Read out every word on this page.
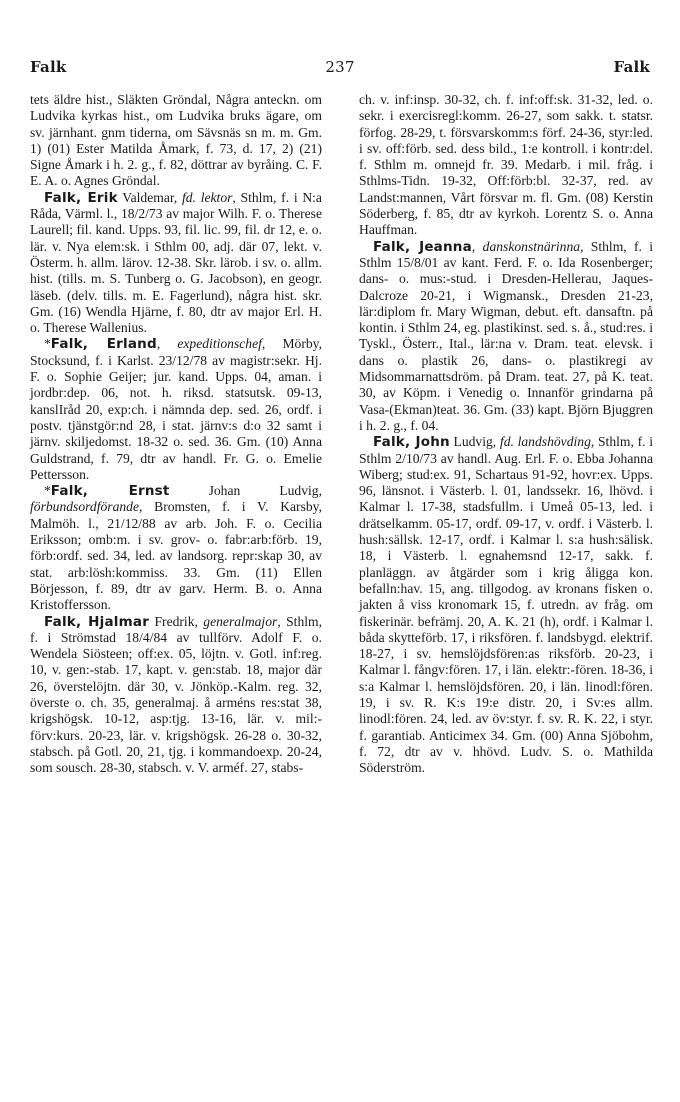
Falk	237	Falk

tets äldre hist., Släkten Gröndal, Några anteckn. om Ludvika kyrkas hist., om Ludvika bruks ägare, om sv. järnhant. gnm tiderna, om Sävsnäs sn m. m. Gm. 1) (01) Ester Matilda Åmark, f. 73, d. 17, 2) (21) Signe Åmark i h. 2. g., f. 82, döttrar av byråing. C. F. E. A. o. Agnes Gröndal.

Falk, Erik Valdemar, fd. lektor, Sthlm, f. i N:a Råda, Värml. l., 18/2/73 av major Wilh. F. o. Therese Laurell; fil. kand. Upps. 93, fil. lic. 99, fil. dr 12, e. o. lär. v. Nya elem:sk. i Sthlm 00, adj. där 07, lekt. v. Österm. h. allm. lärov. 12-38. Skr. lärob. i sv. o. allm. hist. (tills. m. S. Tunberg o. G. Jacobson), en geogr. läseb. (delv. tills. m. E. Fagerlund), några hist. skr. Gm. (16) Wendla Hjärne, f. 80, dtr av major Erl. H. o. Therese Wallenius.

*Falk, Erland, expeditionschef, Mörby, Stocksund, f. i Karlst. 23/12/78 av magistr:sekr. Hj. F. o. Sophie Geijer; jur. kand. Upps. 04, aman. i jordbr:dep. 06, not. h. riksd. statsutsk. 09-13, kanslIråd 20, exp:ch. i nämnda dep. sed. 26, ordf. i postv. tjänstgör:nd 28, i stat. järnv:s d:o 32 samt i järnv. skiljedomst. 18-32 o. sed. 36. Gm. (10) Anna Guldstrand, f. 79, dtr av handl. Fr. G. o. Emelie Pettersson.

*Falk, Ernst Johan Ludvig, förbundsordförande, Bromsten, f. i V. Karsby, Malmöh. l., 21/12/88 av arb. Joh. F. o. Cecilia Eriksson; omb:m. i sv. grov- o. fabr:arb:förb. 19, förb:ordf. sed. 34, led. av landsorg. repr:skap 30, av stat. arb:lösh:kommiss. 33. Gm. (11) Ellen Börjesson, f. 89, dtr av garv. Herm. B. o. Anna Kristoffersson.

Falk, Hjalmar Fredrik, generalmajor, Sthlm, f. i Strömstad 18/4/84 av tullförv. Adolf F. o. Wendela Siösteen; off:ex. 05, löjtn. v. Gotl. inf:reg. 10, v. gen:-stab. 17, kapt. v. gen:stab. 18, major där 26, överstelöjtn. där 30, v. Jönköp.-Kalm. reg. 32, överste o. ch. 35, generalmaj. å arméns res:stat 38, krigshögsk. 10-12, asp:tjg. 13-16, lär. v. mil:-förv:kurs. 20-23, lär. v. krigshögsk. 26-28 o. 30-32, stabsch. på Gotl. 20, 21, tjg. i kommandoexp. 20-24, som sousch. 28-30, stabsch. v. V. arméf. 27, stabs-

ch. v. inf:insp. 30-32, ch. f. inf:off:sk. 31-32, led. o. sekr. i exercisregl:komm. 26-27, som sakk. t. statsr. förfog. 28-29, t. försvarskomm:s förf. 24-36, styr:led. i sv. off:förb. sed. dess bild., 1:e kontroll. i kontr:del. f. Sthlm m. omnejd fr. 39. Medarb. i mil. fråg. i Sthlms-Tidn. 19-32, Off:förb:bl. 32-37, red. av Landst:mannen, Vårt försvar m. fl. Gm. (08) Kerstin Söderberg, f. 85, dtr av kyrkoh. Lorentz S. o. Anna Hauffman.

Falk, Jeanna, danskonstnärinna, Sthlm, f. i Sthlm 15/8/01 av kant. Ferd. F. o. Ida Rosenberger; dans- o. mus:-stud. i Dresden-Hellerau, Jaques-Dalcroze 20-21, i Wigmansk., Dresden 21-23, lär:diplom fr. Mary Wigman, debut. eft. dansaftn. på kontin. i Sthlm 24, eg. plastikinst. sed. s. å., stud:res. i Tyskl., Österr., Ital., lär:na v. Dram. teat. elevsk. i dans o. plastik 26, dans- o. plastikregi av Midsommarnattsdröm. på Dram. teat. 27, på K. teat. 30, av Köpm. i Venedig o. Innanför grindarna på Vasa-(Ekman)teat. 36. Gm. (33) kapt. Björn Bjuggren i h. 2. g., f. 04.

Falk, John Ludvig, fd. landshövding, Sthlm, f. i Sthlm 2/10/73 av handl. Aug. Erl. F. o. Ebba Johanna Wiberg; stud:ex. 91, Schartaus 91-92, hovr:ex. Upps. 96, länsnot. i Västerb. l. 01, landssekr. 16, lhövd. i Kalmar l. 17-38, stadsfullm. i Umeå 05-13, led. i drätselkamm. 05-17, ordf. 09-17, v. ordf. i Västerb. l. hush:sällsk. 12-17, ordf. i Kalmar l. s:a hush:sälisk. 18, i Västerb. l. egnahemsnd 12-17, sakk. f. planläggn. av åtgärder som i krig åligga kon. befalln:hav. 15, ang. tillgodog. av kronans fisken o. jakten å viss kronomark 15, f. utredn. av fråg. om fiskerinär. befrämj. 20, A. K. 21 (h), ordf. i Kalmar l. båda skytteförb. 17, i riksfören. f. landsbygd. elektrif. 18-27, i sv. hemslöjdsfören:as riksförb. 20-23, i Kalmar l. fångv:fören. 17, i län. elektr:-fören. 18-36, i s:a Kalmar l. hemslöjdsfören. 20, i län. linodl:fören. 19, i sv. R. K:s 19:e distr. 20, i Sv:es allm. linodl:fören. 24, led. av öv:styr. f. sv. R. K. 22, i styr. f. garantiab. Anticimex 34. Gm. (00) Anna Sjöbohm, f. 72, dtr av v. hhövd. Ludv. S. o. Mathilda Söderström.
